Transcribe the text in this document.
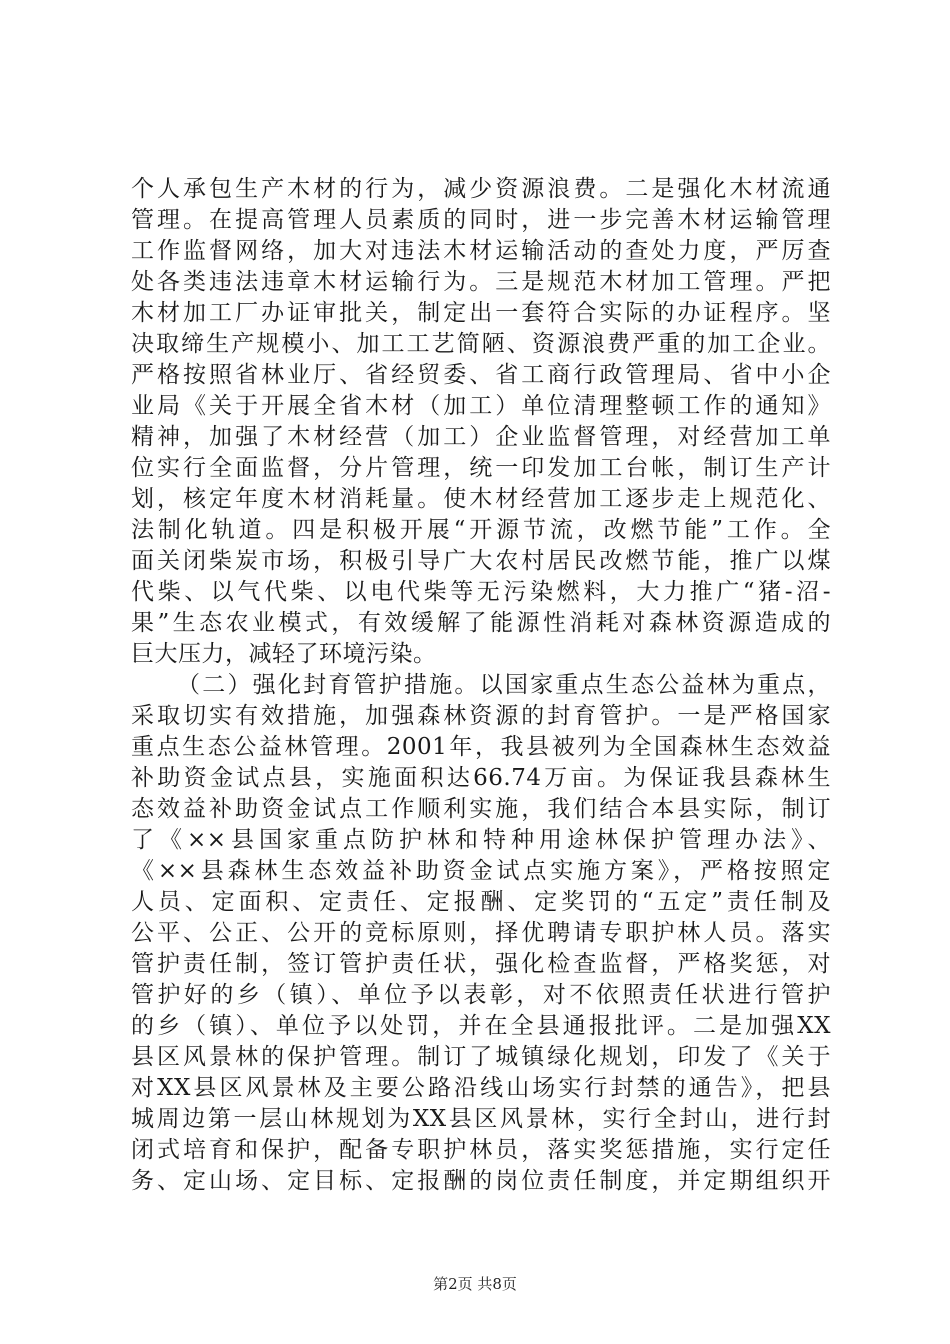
个人承包生产木材的行为，减少资源浪费。二是强化木材流通
管理。在提高管理人员素质的同时，进一步完善木材运输管理
工作监督网络，加大对违法木材运输活动的查处力度，严厉查
处各类违法违章木材运输行为。三是规范木材加工管理。严把
木材加工厂办证审批关，制定出一套符合实际的办证程序。坚
决取缔生产规模小、加工工艺简陋、资源浪费严重的加工企业。
严格按照省林业厅、省经贸委、省工商行政管理局、省中小企
业局《关于开展全省木材（加工）单位清理整顿工作的通知》
精神，加强了木材经营（加工）企业监督管理，对经营加工单
位实行全面监督，分片管理，统一印发加工台帐，制订生产计
划，核定年度木材消耗量。使木材经营加工逐步走上规范化、
法制化轨道。四是积极开展“开源节流，改燃节能”工作。全
面关闭柴炭市场，积极引导广大农村居民改燃节能，推广以煤
代柴、以气代柴、以电代柴等无污染燃料，大力推广“猪-沼-
果”生态农业模式，有效缓解了能源性消耗对森林资源造成的
巨大压力，减轻了环境污染。
（二）强化封育管护措施。以国家重点生态公益林为重点，
采取切实有效措施，加强森林资源的封育管护。一是严格国家
重点生态公益林管理。2001年，我县被列为全国森林生态效益
补助资金试点县，实施面积达66.74万亩。为保证我县森林生
态效益补助资金试点工作顺利实施，我们结合本县实际，制订
了《××县国家重点防护林和特种用途林保护管理办法》、
《××县森林生态效益补助资金试点实施方案》，严格按照定
人员、定面积、定责任、定报酬、定奖罚的“五定”责任制及
公平、公正、公开的竞标原则，择优聘请专职护林人员。落实
管护责任制，签订管护责任状，强化检查监督，严格奖惩，对
管护好的乡（镇）、单位予以表彰，对不依照责任状进行管护
的乡（镇）、单位予以处罚，并在全县通报批评。二是加强XX
县区风景林的保护管理。制订了城镇绿化规划，印发了《关于
对XX县区风景林及主要公路沿线山场实行封禁的通告》，把县
城周边第一层山林规划为XX县区风景林，实行全封山，进行封
闭式培育和保护，配备专职护林员，落实奖惩措施，实行定任
务、定山场、定目标、定报酬的岗位责任制度，并定期组织开
第2页 共8页
